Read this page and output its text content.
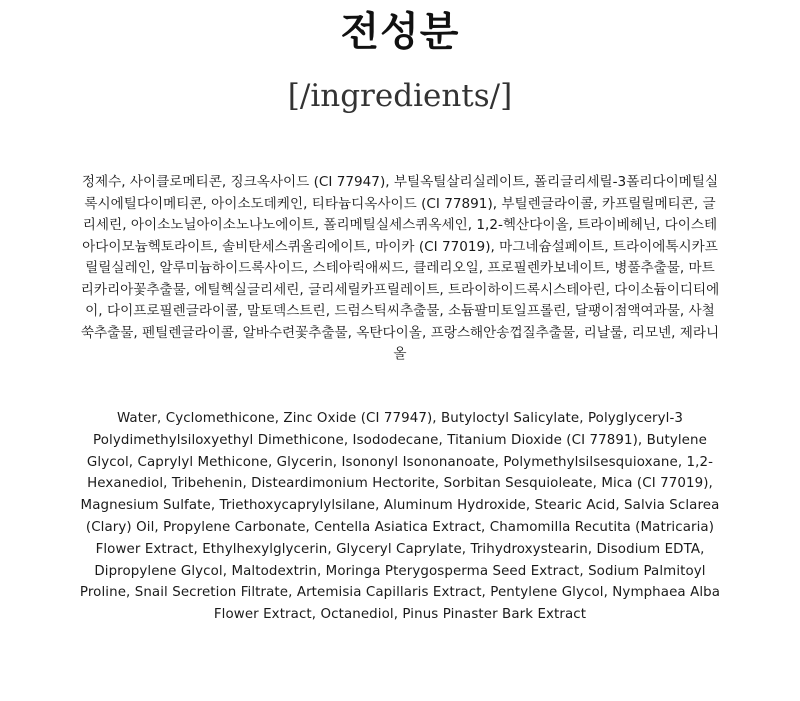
전성분
[/ingredients/]

정제수, 사이클로메티콘, 징크옥사이드 (CI 77947), 부틸옥틸살리실레이트, 폴리글리세릴-3폴리다이메틸실록시에틸다이메티콘, 아이소도데케인, 티타늄디옥사이드 (CI 77891), 부틸렌글라이콜, 카프릴릴메티콘, 글리세린, 아이소노닐아이소노나노에이트, 폴리메틸실세스퀴옥세인, 1,2-헥산다이올, 트라이베헤닌, 다이스테아다이모늄헥토라이트, 솔비탄세스퀴올리에이트, 마이카 (CI 77019), 마그네슘설페이트, 트라이에톡시카프릴릴실레인, 알루미늄하이드록사이드, 스테아릭애씨드, 클레리오일, 프로필렌카보네이트, 병풀추출물, 마트리카리아꽃추출물, 에틸헥실글리세린, 글리세릴카프릴레이트, 트라이하이드록시스테아린, 다이소듐이디티에이, 다이프로필렌글라이콜, 말토덱스트린, 드럼스틱씨추출물, 소듐팔미토일프롤린, 달팽이점액여과물, 사철쑥추출물, 펜틸렌글라이콜, 알바수련꽃추출물, 옥탄다이올, 프랑스해안송껍질추출물, 리날룰, 리모넨, 제라니올

Water, Cyclomethicone, Zinc Oxide (CI 77947), Butyloctyl Salicylate, Polyglyceryl-3 Polydimethylsiloxyethyl Dimethicone, Isododecane, Titanium Dioxide (CI 77891), Butylene Glycol, Caprylyl Methicone, Glycerin, Isononyl Isononanoate, Polymethylsilsesquioxane, 1,2-Hexanediol, Tribehenin, Disteardimonium Hectorite, Sorbitan Sesquioleate, Mica (CI 77019), Magnesium Sulfate, Triethoxycaprylylsilane, Aluminum Hydroxide, Stearic Acid, Salvia Sclarea (Clary) Oil, Propylene Carbonate, Centella Asiatica Extract, Chamomilla Recutita (Matricaria) Flower Extract, Ethylhexylglycerin, Glyceryl Caprylate, Trihydroxystearin, Disodium EDTA, Dipropylene Glycol, Maltodextrin, Moringa Pterygosperma Seed Extract, Sodium Palmitoyl Proline, Snail Secretion Filtrate, Artemisia Capillaris Extract, Pentylene Glycol, Nymphaea Alba Flower Extract, Octanediol, Pinus Pinaster Bark Extract
